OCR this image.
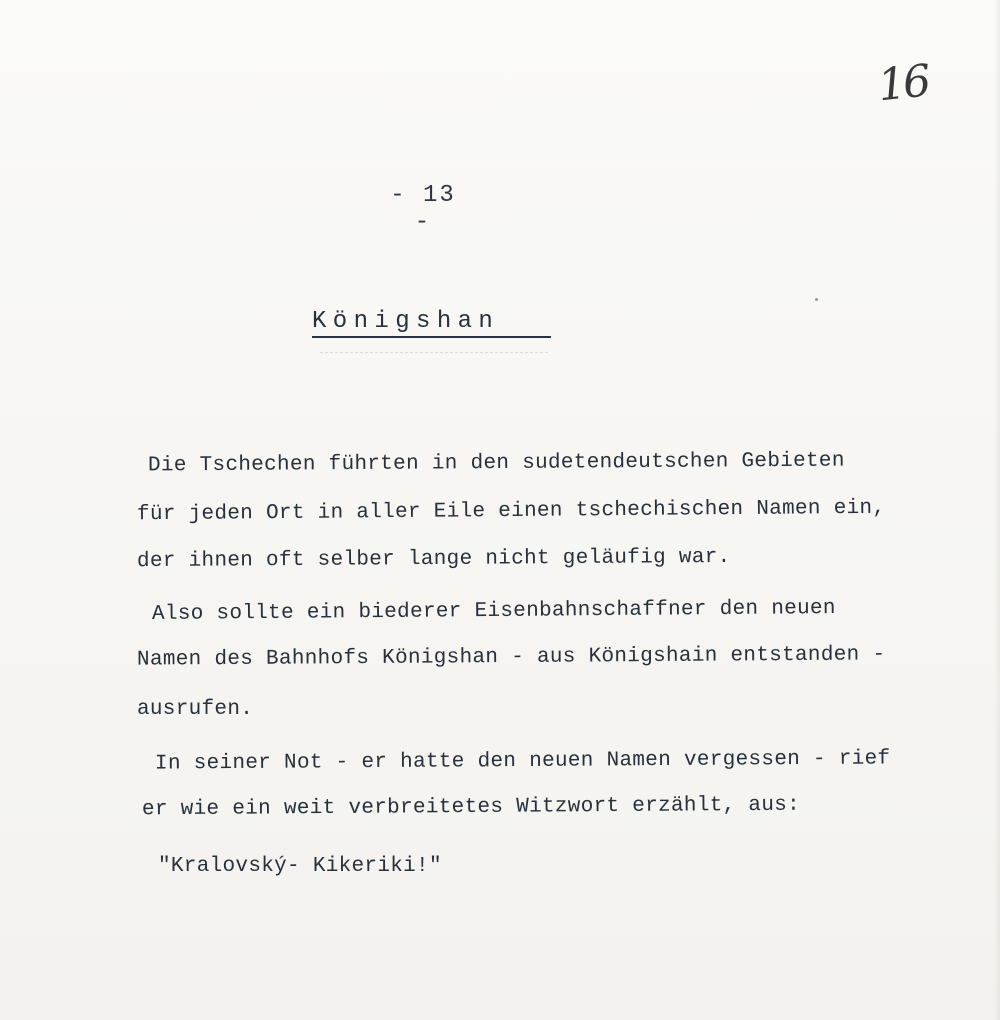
16
- 13 -
Königshan
Die Tschechen führten in den sudetendeutschen Gebieten
für jeden Ort in aller Eile einen tschechischen Namen ein,
der ihnen oft selber lange nicht geläufig war.
Also sollte ein biederer Eisenbahnschaffner den neuen
Namen des Bahnhofs Königshan - aus Königshain entstanden -
ausrufen.
In seiner Not - er hatte den neuen Namen vergessen - rief
er wie ein weit verbreitetes Witzwort erzählt, aus:
"Kralovský- Kikeriki!"
